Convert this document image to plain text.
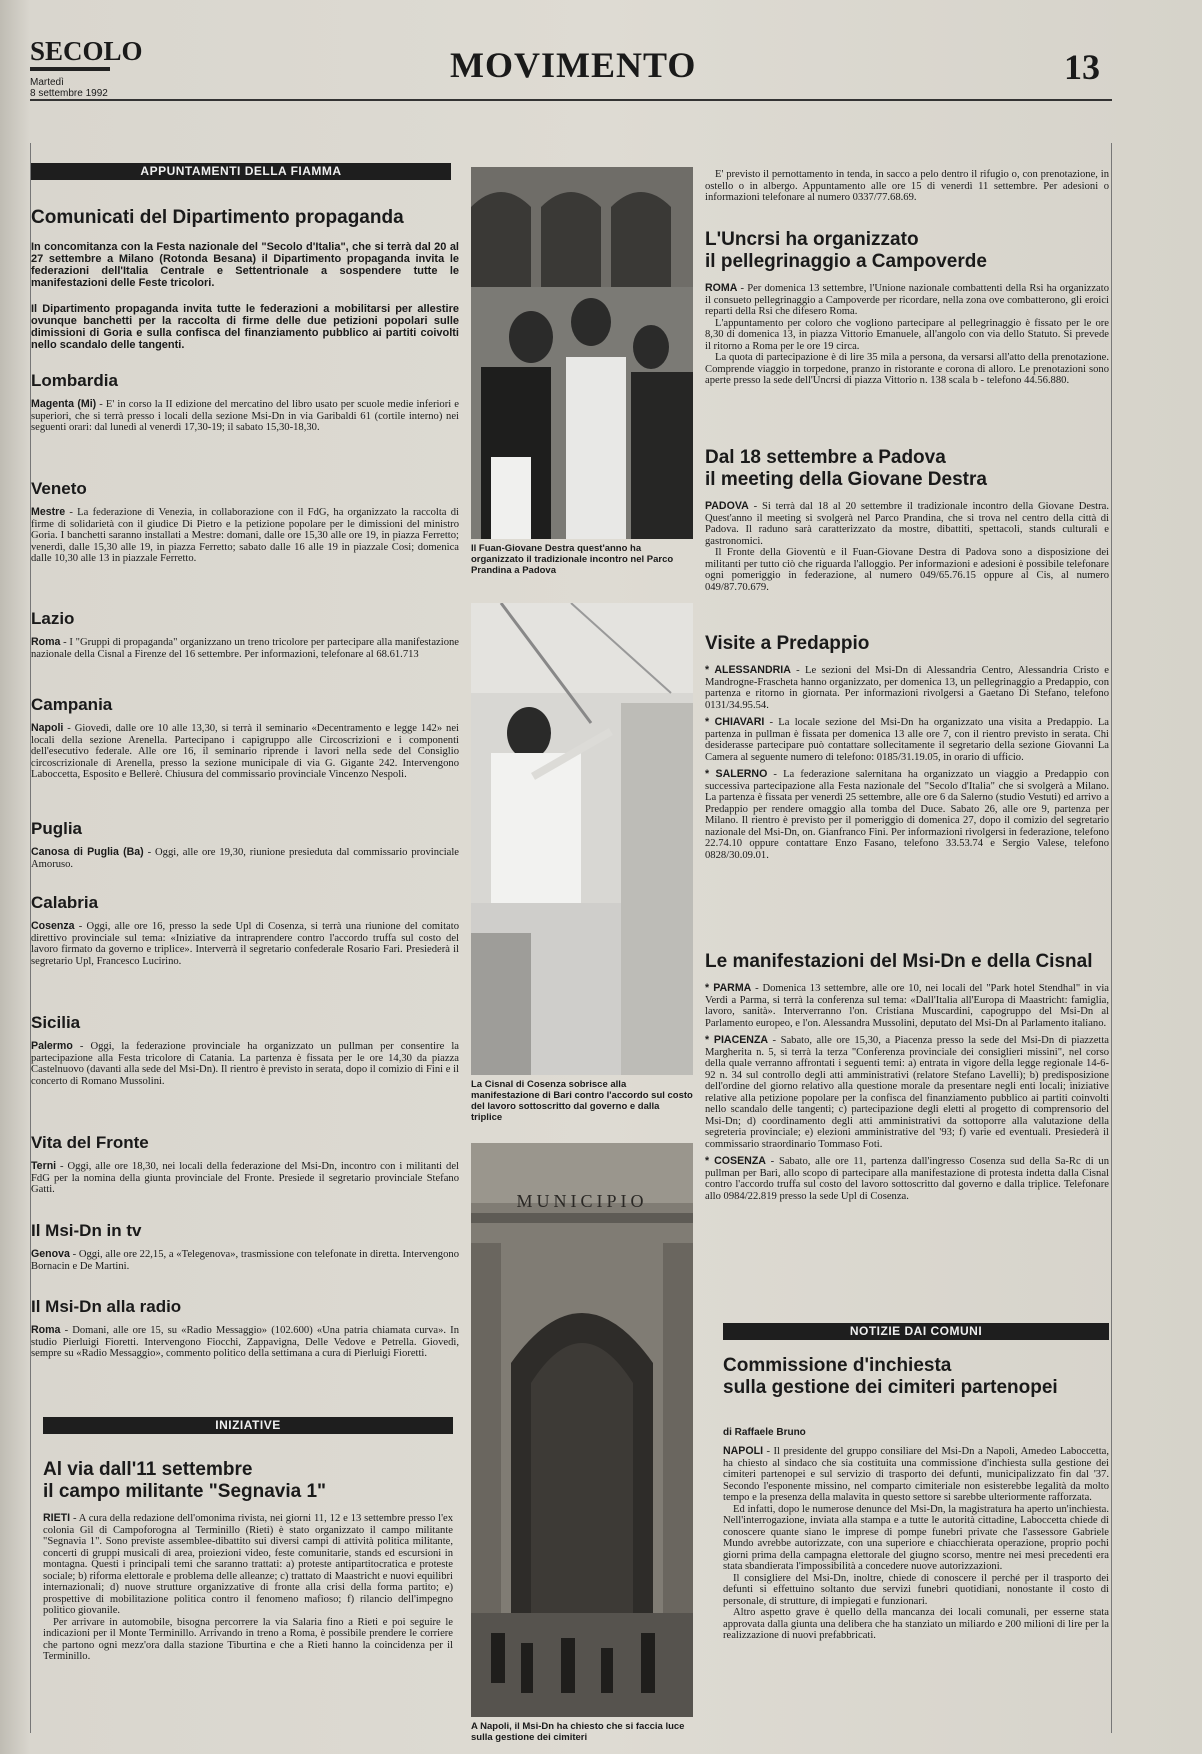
SECOLO
Martedì
8 settembre 1992
MOVIMENTO	13
APPUNTAMENTI DELLA FIAMMA
Comunicati del Dipartimento propaganda

In concomitanza con la Festa nazionale del "Secolo d'Italia", che si terrà dal 20 al 27 settembre a Milano (Rotonda Besana) il Dipartimento propaganda invita le federazioni dell'Italia Centrale e Settentrionale a sospendere tutte le manifestazioni delle Feste tricolori.

Il Dipartimento propaganda invita tutte le federazioni a mobilitarsi per allestire ovunque banchetti per la raccolta di firme delle due petizioni popolari sulle dimissioni di Goria e sulla confisca del finanziamento pubblico ai partiti coivolti nello scandalo delle tangenti.

Lombardia

Magenta (Mi) - E' in corso la II edizione del mercatino del libro usato per scuole medie inferiori e superiori, che si terrà presso i locali della sezione Msi-Dn in via Garibaldi 61 (cortile interno) nei seguenti orari: dal lunedì al venerdì 17,30-19; il sabato 15,30-18,30.

Veneto

Mestre - La federazione di Venezia, in collaborazione con il FdG, ha organizzato la raccolta di firme di solidarietà con il giudice Di Pietro e la petizione popolare per le dimissioni del ministro Goria. I banchetti saranno installati a Mestre: domani, dalle ore 15,30 alle ore 19, in piazza Ferretto; venerdì, dalle 15,30 alle 19, in piazza Ferretto; sabato dalle 16 alle 19 in piazzale Cosi; domenica dalle 10,30 alle 13 in piazzale Ferretto.

Lazio

Roma - I "Gruppi di propaganda" organizzano un treno tricolore per partecipare alla manifestazione nazionale della Cisnal a Firenze del 16 settembre. Per informazioni, telefonare al 68.61.713

Campania

Napoli - Giovedì, dalle ore 10 alle 13,30, si terrà il seminario «Decentramento e legge 142» nei locali della sezione Arenella. Partecipano i capigruppo alle Circoscrizioni e i componenti dell'esecutivo federale. Alle ore 16, il seminario riprende i lavori nella sede del Consiglio circoscrizionale di Arenella, presso la sezione municipale di via G. Gigante 242. Intervengono Laboccetta, Esposito e Bellerè. Chiusura del commissario provinciale Vincenzo Nespoli.

Puglia

Canosa di Puglia (Ba) - Oggi, alle ore 19,30, riunione presieduta dal commissario provinciale Amoruso.

Calabria

Cosenza - Oggi, alle ore 16, presso la sede Upl di Cosenza, si terrà una riunione del comitato direttivo provinciale sul tema: «Iniziative da intraprendere contro l'accordo truffa sul costo del lavoro firmato da governo e triplice». Interverrà il segretario confederale Rosario Fari. Presiederà il segretario Upl, Francesco Lucirino.

Sicilia

Palermo - Oggi, la federazione provinciale ha organizzato un pullman per consentire la partecipazione alla Festa tricolore di Catania. La partenza è fissata per le ore 14,30 da piazza Castelnuovo (davanti alla sede del Msi-Dn). Il rientro è previsto in serata, dopo il comizio di Fini e il concerto di Romano Mussolini.

Vita del Fronte

Terni - Oggi, alle ore 18,30, nei locali della federazione del Msi-Dn, incontro con i militanti del FdG per la nomina della giunta provinciale del Fronte. Presiede il segretario provinciale Stefano Gatti.

Il Msi-Dn in tv

Genova - Oggi, alle ore 22,15, a «Telegenova», trasmissione con telefonate in diretta. Intervengono Bornacin e De Martini.

Il Msi-Dn alla radio

Roma - Domani, alle ore 15, su «Radio Messaggio» (102.600) «Una patria chiamata curva». In studio Pierluigi Fioretti. Intervengono Fiocchi, Zappavigna, Delle Vedove e Petrella. Giovedì, sempre su «Radio Messaggio», commento politico della settimana a cura di Pierluigi Fioretti.

INIZIATIVE
Al via dall'11 settembre
il campo militante "Segnavia 1"

RIETI - A cura della redazione dell'omonima rivista, nei giorni 11, 12 e 13 settembre presso l'ex colonia Gil di Campoforogna al Terminillo (Rieti) è stato organizzato il campo militante "Segnavia 1". Sono previste assemblee-dibattito sui diversi campi di attività politica militante, concerti di gruppi musicali di area, proiezioni video, feste comunitarie, stands ed escursioni in montagna. Questi i principali temi che saranno trattati: a) proteste antipartitocratica e proteste sociale; b) riforma elettorale e problema delle alleanze; c) trattato di Maastricht e nuovi equilibri internazionali; d) nuove strutture organizzative di fronte alla crisi della forma partito; e) prospettive di mobilitazione politica contro il fenomeno mafioso; f) rilancio dell'impegno politico giovanile.

Per arrivare in automobile, bisogna percorrere la via Salaria fino a Rieti e poi seguire le indicazioni per il Monte Terminillo. Arrivando in treno a Roma, è possibile prendere le corriere che partono ogni mezz'ora dalla stazione Tiburtina e che a Rieti hanno la coincidenza per il Terminillo.

Il Fuan-Giovane Destra quest'anno ha organizzato il tradizionale incontro nel Parco Prandina a Padova
La Cisnal di Cosenza sobrisce alla manifestazione di Bari contro l'accordo sul costo del lavoro sottoscritto dal governo e dalla triplice
MUNICIPIO
A Napoli, il Msi-Dn ha chiesto che si faccia luce sulla gestione dei cimiteri

E' previsto il pernottamento in tenda, in sacco a pelo dentro il rifugio o, con prenotazione, in ostello o in albergo. Appuntamento alle ore 15 di venerdì 11 settembre. Per adesioni o informazioni telefonare al numero 0337/77.68.69.

L'Uncrsi ha organizzato
il pellegrinaggio a Campoverde

ROMA - Per domenica 13 settembre, l'Unione nazionale combattenti della Rsi ha organizzato il consueto pellegrinaggio a Campoverde per ricordare, nella zona ove combatterono, gli eroici reparti della Rsi che difesero Roma.

L'appuntamento per coloro che vogliono partecipare al pellegrinaggio è fissato per le ore 8,30 di domenica 13, in piazza Vittorio Emanuele, all'angolo con via dello Statuto. Si prevede il ritorno a Roma per le ore 19 circa.

La quota di partecipazione è di lire 35 mila a persona, da versarsi all'atto della prenotazione. Comprende viaggio in torpedone, pranzo in ristorante e corona di alloro. Le prenotazioni sono aperte presso la sede dell'Uncrsi di piazza Vittorio n. 138 scala b - telefono 44.56.880.

Dal 18 settembre a Padova
il meeting della Giovane Destra

PADOVA - Si terrà dal 18 al 20 settembre il tradizionale incontro della Giovane Destra. Quest'anno il meeting si svolgerà nel Parco Prandina, che si trova nel centro della città di Padova. Il raduno sarà caratterizzato da mostre, dibattiti, spettacoli, stands culturali e gastronomici.

Il Fronte della Gioventù e il Fuan-Giovane Destra di Padova sono a disposizione dei militanti per tutto ciò che riguarda l'alloggio. Per informazioni e adesioni è possibile telefonare ogni pomeriggio in federazione, al numero 049/65.76.15 oppure al Cis, al numero 049/87.70.679.

Visite a Predappio

* ALESSANDRIA - Le sezioni del Msi-Dn di Alessandria Centro, Alessandria Cristo e Mandrogne-Frascheta hanno organizzato, per domenica 13, un pellegrinaggio a Predappio, con partenza e ritorno in giornata. Per informazioni rivolgersi a Gaetano Di Stefano, telefono 0131/34.95.54.

* CHIAVARI - La locale sezione del Msi-Dn ha organizzato una visita a Predappio. La partenza in pullman è fissata per domenica 13 alle ore 7, con il rientro previsto in serata. Chi desiderasse partecipare può contattare sollecitamente il segretario della sezione Giovanni La Camera al seguente numero di telefono: 0185/31.19.05, in orario di ufficio.

* SALERNO - La federazione salernitana ha organizzato un viaggio a Predappio con successiva partecipazione alla Festa nazionale del "Secolo d'Italia" che si svolgerà a Milano. La partenza è fissata per venerdì 25 settembre, alle ore 6 da Salerno (studio Vestuti) ed arrivo a Predappio per rendere omaggio alla tomba del Duce. Sabato 26, alle ore 9, partenza per Milano. Il rientro è previsto per il pomeriggio di domenica 27, dopo il comizio del segretario nazionale del Msi-Dn, on. Gianfranco Fini. Per informazioni rivolgersi in federazione, telefono 22.74.10 oppure contattare Enzo Fasano, telefono 33.53.74 e Sergio Valese, telefono 0828/30.09.01.

Le manifestazioni del Msi-Dn e della Cisnal

* PARMA - Domenica 13 settembre, alle ore 10, nei locali del "Park hotel Stendhal" in via Verdi a Parma, si terrà la conferenza sul tema: «Dall'Italia all'Europa di Maastricht: famiglia, lavoro, sanità». Interverranno l'on. Cristiana Muscardini, capogruppo del Msi-Dn al Parlamento europeo, e l'on. Alessandra Mussolini, deputato del Msi-Dn al Parlamento italiano.

* PIACENZA - Sabato, alle ore 15,30, a Piacenza presso la sede del Msi-Dn di piazzetta Margherita n. 5, si terrà la terza "Conferenza provinciale dei consiglieri missini", nel corso della quale verranno affrontati i seguenti temi: a) entrata in vigore della legge regionale 14-6-92 n. 34 sul controllo degli atti amministrativi (relatore Stefano Lavelli); b) predisposizione dell'ordine del giorno relativo alla questione morale da presentare negli enti locali; iniziative relative alla petizione popolare per la confisca del finanziamento pubblico ai partiti coinvolti nello scandalo delle tangenti; c) partecipazione degli eletti al progetto di comprensorio del Msi-Dn; d) coordinamento degli atti amministrativi da sottoporre alla valutazione della segreteria provinciale; e) elezioni amministrative del '93; f) varie ed eventuali. Presiederà il commissario straordinario Tommaso Foti.

* COSENZA - Sabato, alle ore 11, partenza dall'ingresso Cosenza sud della Sa-Rc di un pullman per Bari, allo scopo di partecipare alla manifestazione di protesta indetta dalla Cisnal contro l'accordo truffa sul costo del lavoro sottoscritto dal governo e dalla triplice. Telefonare allo 0984/22.819 presso la sede Upl di Cosenza.

NOTIZIE DAI COMUNI
Commissione d'inchiesta
sulla gestione dei cimiteri partenopei
di Raffaele Bruno

NAPOLI - Il presidente del gruppo consiliare del Msi-Dn a Napoli, Amedeo Laboccetta, ha chiesto al sindaco che sia costituita una commissione d'inchiesta sulla gestione dei cimiteri partenopei e sul servizio di trasporto dei defunti, municipalizzato fin dal '37. Secondo l'esponente missino, nel comparto cimiteriale non esisterebbe legalità da molto tempo e la presenza della malavita in questo settore si sarebbe ulteriormente rafforzata.

Ed infatti, dopo le numerose denunce del Msi-Dn, la magistratura ha aperto un'inchiesta. Nell'interrogazione, inviata alla stampa e a tutte le autorità cittadine, Laboccetta chiede di conoscere quante siano le imprese di pompe funebri private che l'assessore Gabriele Mundo avrebbe autorizzate, con una superiore e chiacchierata operazione, proprio pochi giorni prima della campagna elettorale del giugno scorso, mentre nei mesi precedenti era stata sbandierata l'impossibilità a concedere nuove autorizzazioni.

Il consigliere del Msi-Dn, inoltre, chiede di conoscere il perché per il trasporto dei defunti si effettuino soltanto due servizi funebri quotidiani, nonostante il costo di personale, di strutture, di impiegati e funzionari.

Altro aspetto grave è quello della mancanza dei locali comunali, per esserne stata approvata dalla giunta una delibera che ha stanziato un miliardo e 200 milioni di lire per la realizzazione di nuovi prefabbricati.
